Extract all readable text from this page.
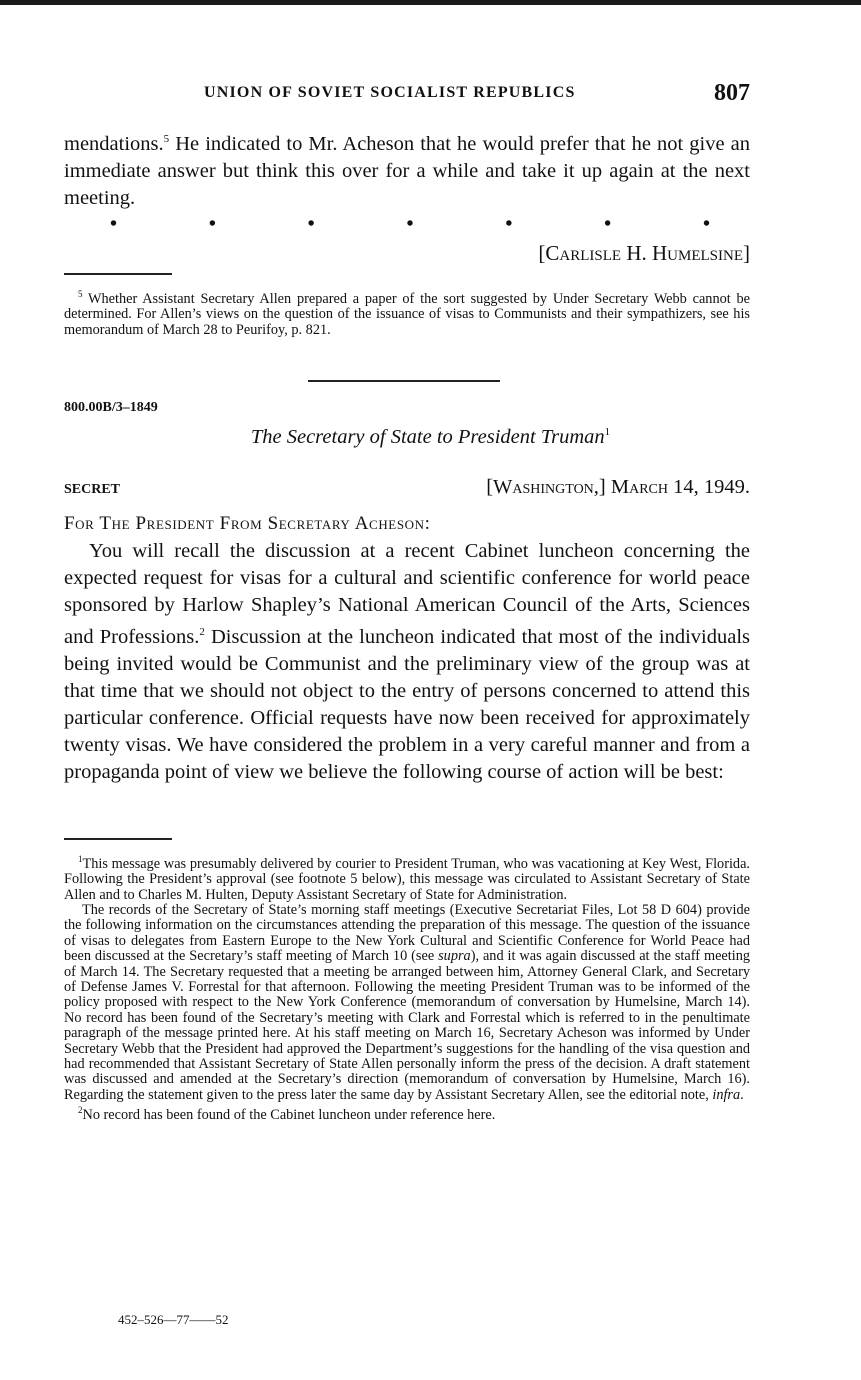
UNION OF SOVIET SOCIALIST REPUBLICS	807
mendations.$^5$ He indicated to Mr. Acheson that he would prefer that he not give an immediate answer but think this over for a while and take it up again at the next meeting.
•	•	•	•	•	•	•
[Carlisle H. Humelsine]
$^5$ Whether Assistant Secretary Allen prepared a paper of the sort suggested by Under Secretary Webb cannot be determined. For Allen’s views on the question of the issuance of visas to Communists and their sympathizers, see his memorandum of March 28 to Peurifoy, p. 821.
800.00B/3–1849
The Secretary of State to President Truman$^1$
SECRET	[Washington,] March 14, 1949.
For The President From Secretary Acheson:
You will recall the discussion at a recent Cabinet luncheon concerning the expected request for visas for a cultural and scientific conference for world peace sponsored by Harlow Shapley’s National American Council of the Arts, Sciences and Professions.$^2$ Discussion at the luncheon indicated that most of the individuals being invited would be Communist and the preliminary view of the group was at that time that we should not object to the entry of persons concerned to attend this particular conference. Official requests have now been received for approximately twenty visas. We have considered the problem in a very careful manner and from a propaganda point of view we believe the following course of action will be best:
$^1$This message was presumably delivered by courier to President Truman, who was vacationing at Key West, Florida. Following the President’s approval (see footnote 5 below), this message was circulated to Assistant Secretary of State Allen and to Charles M. Hulten, Deputy Assistant Secretary of State for Administration.
The records of the Secretary of State’s morning staff meetings (Executive Secretariat Files, Lot 58 D 604) provide the following information on the circumstances attending the preparation of this message. The question of the issuance of visas to delegates from Eastern Europe to the New York Cultural and Scientific Conference for World Peace had been discussed at the Secretary’s staff meeting of March 10 (see supra), and it was again discussed at the staff meeting of March 14. The Secretary requested that a meeting be arranged between him, Attorney General Clark, and Secretary of Defense James V. Forrestal for that afternoon. Following the meeting President Truman was to be informed of the policy proposed with respect to the New York Conference (memorandum of conversation by Humelsine, March 14). No record has been found of the Secretary’s meeting with Clark and Forrestal which is referred to in the penultimate paragraph of the message printed here. At his staff meeting on March 16, Secretary Acheson was informed by Under Secretary Webb that the President had approved the Department’s suggestions for the handling of the visa question and had recommended that Assistant Secretary of State Allen personally inform the press of the decision. A draft statement was discussed and amended at the Secretary’s direction (memorandum of conversation by Humelsine, March 16). Regarding the statement given to the press later the same day by Assistant Secretary Allen, see the editorial note, infra.
$^2$No record has been found of the Cabinet luncheon under reference here.
452–526—77——52
